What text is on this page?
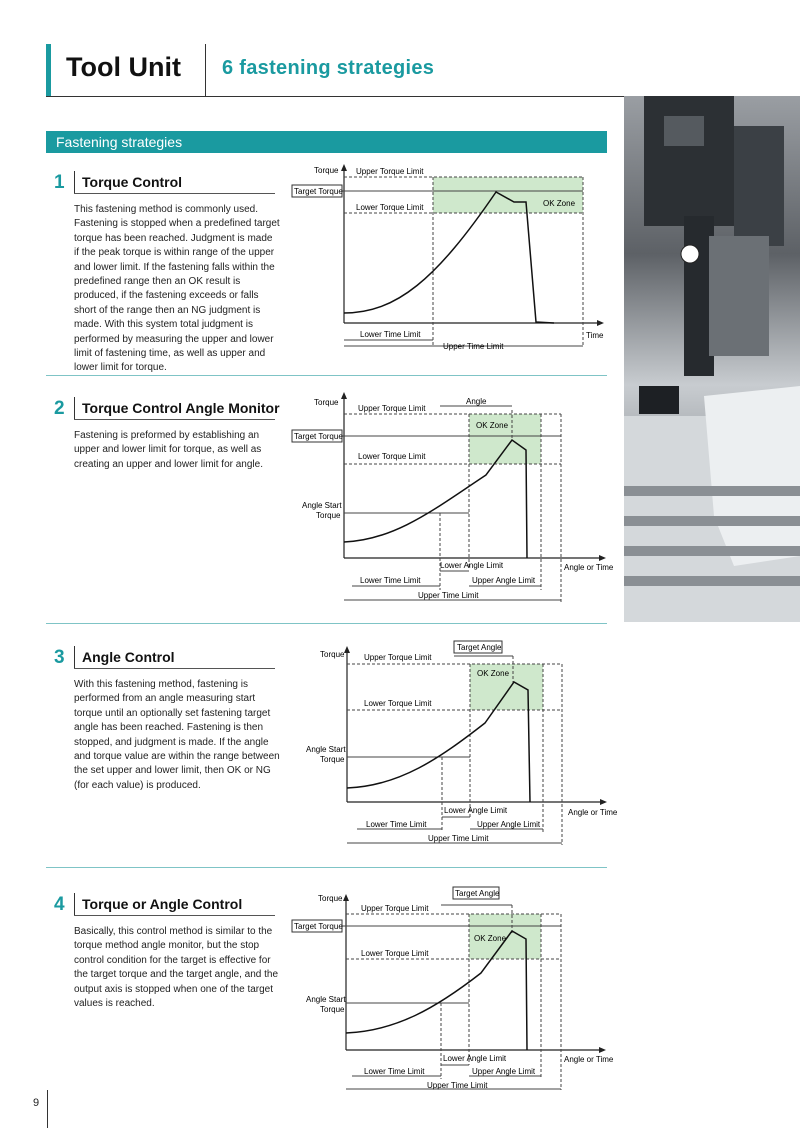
Tool Unit 6 fastening strategies
Fastening strategies
1	Torque Control
This fastening method is commonly used. Fastening is stopped when a predefined target torque has been reached. Judgment is made if the peak torque is within range of the upper and lower limit. If the fastening falls within the predefined range then an OK result is produced, if the fastening exceeds or falls short of the range then an NG judgment is made. With this system total judgment is performed by measuring the upper and lower limit of fastening time, as well as upper and lower limit for torque.
Torque Upper Torque Limit
Target Torque
Lower Torque Limit	OK Zone
Time
Lower Time Limit
Upper Time Limit
2	Torque Control Angle Monitor
Fastening is preformed by establishing an upper and lower limit for torque, as well as creating an upper and lower limit for angle.
Torque
Upper Torque Limit
Angle
Target Torque
OK Zone
Lower Torque Limit
Angle Start
Torque
Lower Angle Limit	Angle or Time
Lower Time Limit	Upper Angle Limit
Upper Time Limit
3	Angle Control
With this fastening method, fastening is performed from an angle measuring start torque until an optionally set fastening target angle has been reached. Fastening is then stopped, and judgment is made. If the angle and torque value are within the range between the set upper and lower limit, then OK or NG (for each value) is produced.
Torque Upper Torque Limit
Target Angle
OK Zone
Lower Torque Limit
Angle Start
Torque
Lower Angle Limit	Angle or Time
Lower Time Limit	Upper Angle Limit
Upper Time Limit
4	Torque or Angle Control
Basically, this control method is similar to the torque method angle monitor, but the stop control condition for the target is effective for the target torque and the target angle, and the output axis is stopped when one of the target values is reached.
Target Angle
Torque
Upper Torque Limit
Target Torque
OK Zone
Lower Torque Limit
Angle Start
Torque
Lower Angle Limit	Angle or Time
Lower Time Limit	Upper Angle Limit
Upper Time Limit
9
